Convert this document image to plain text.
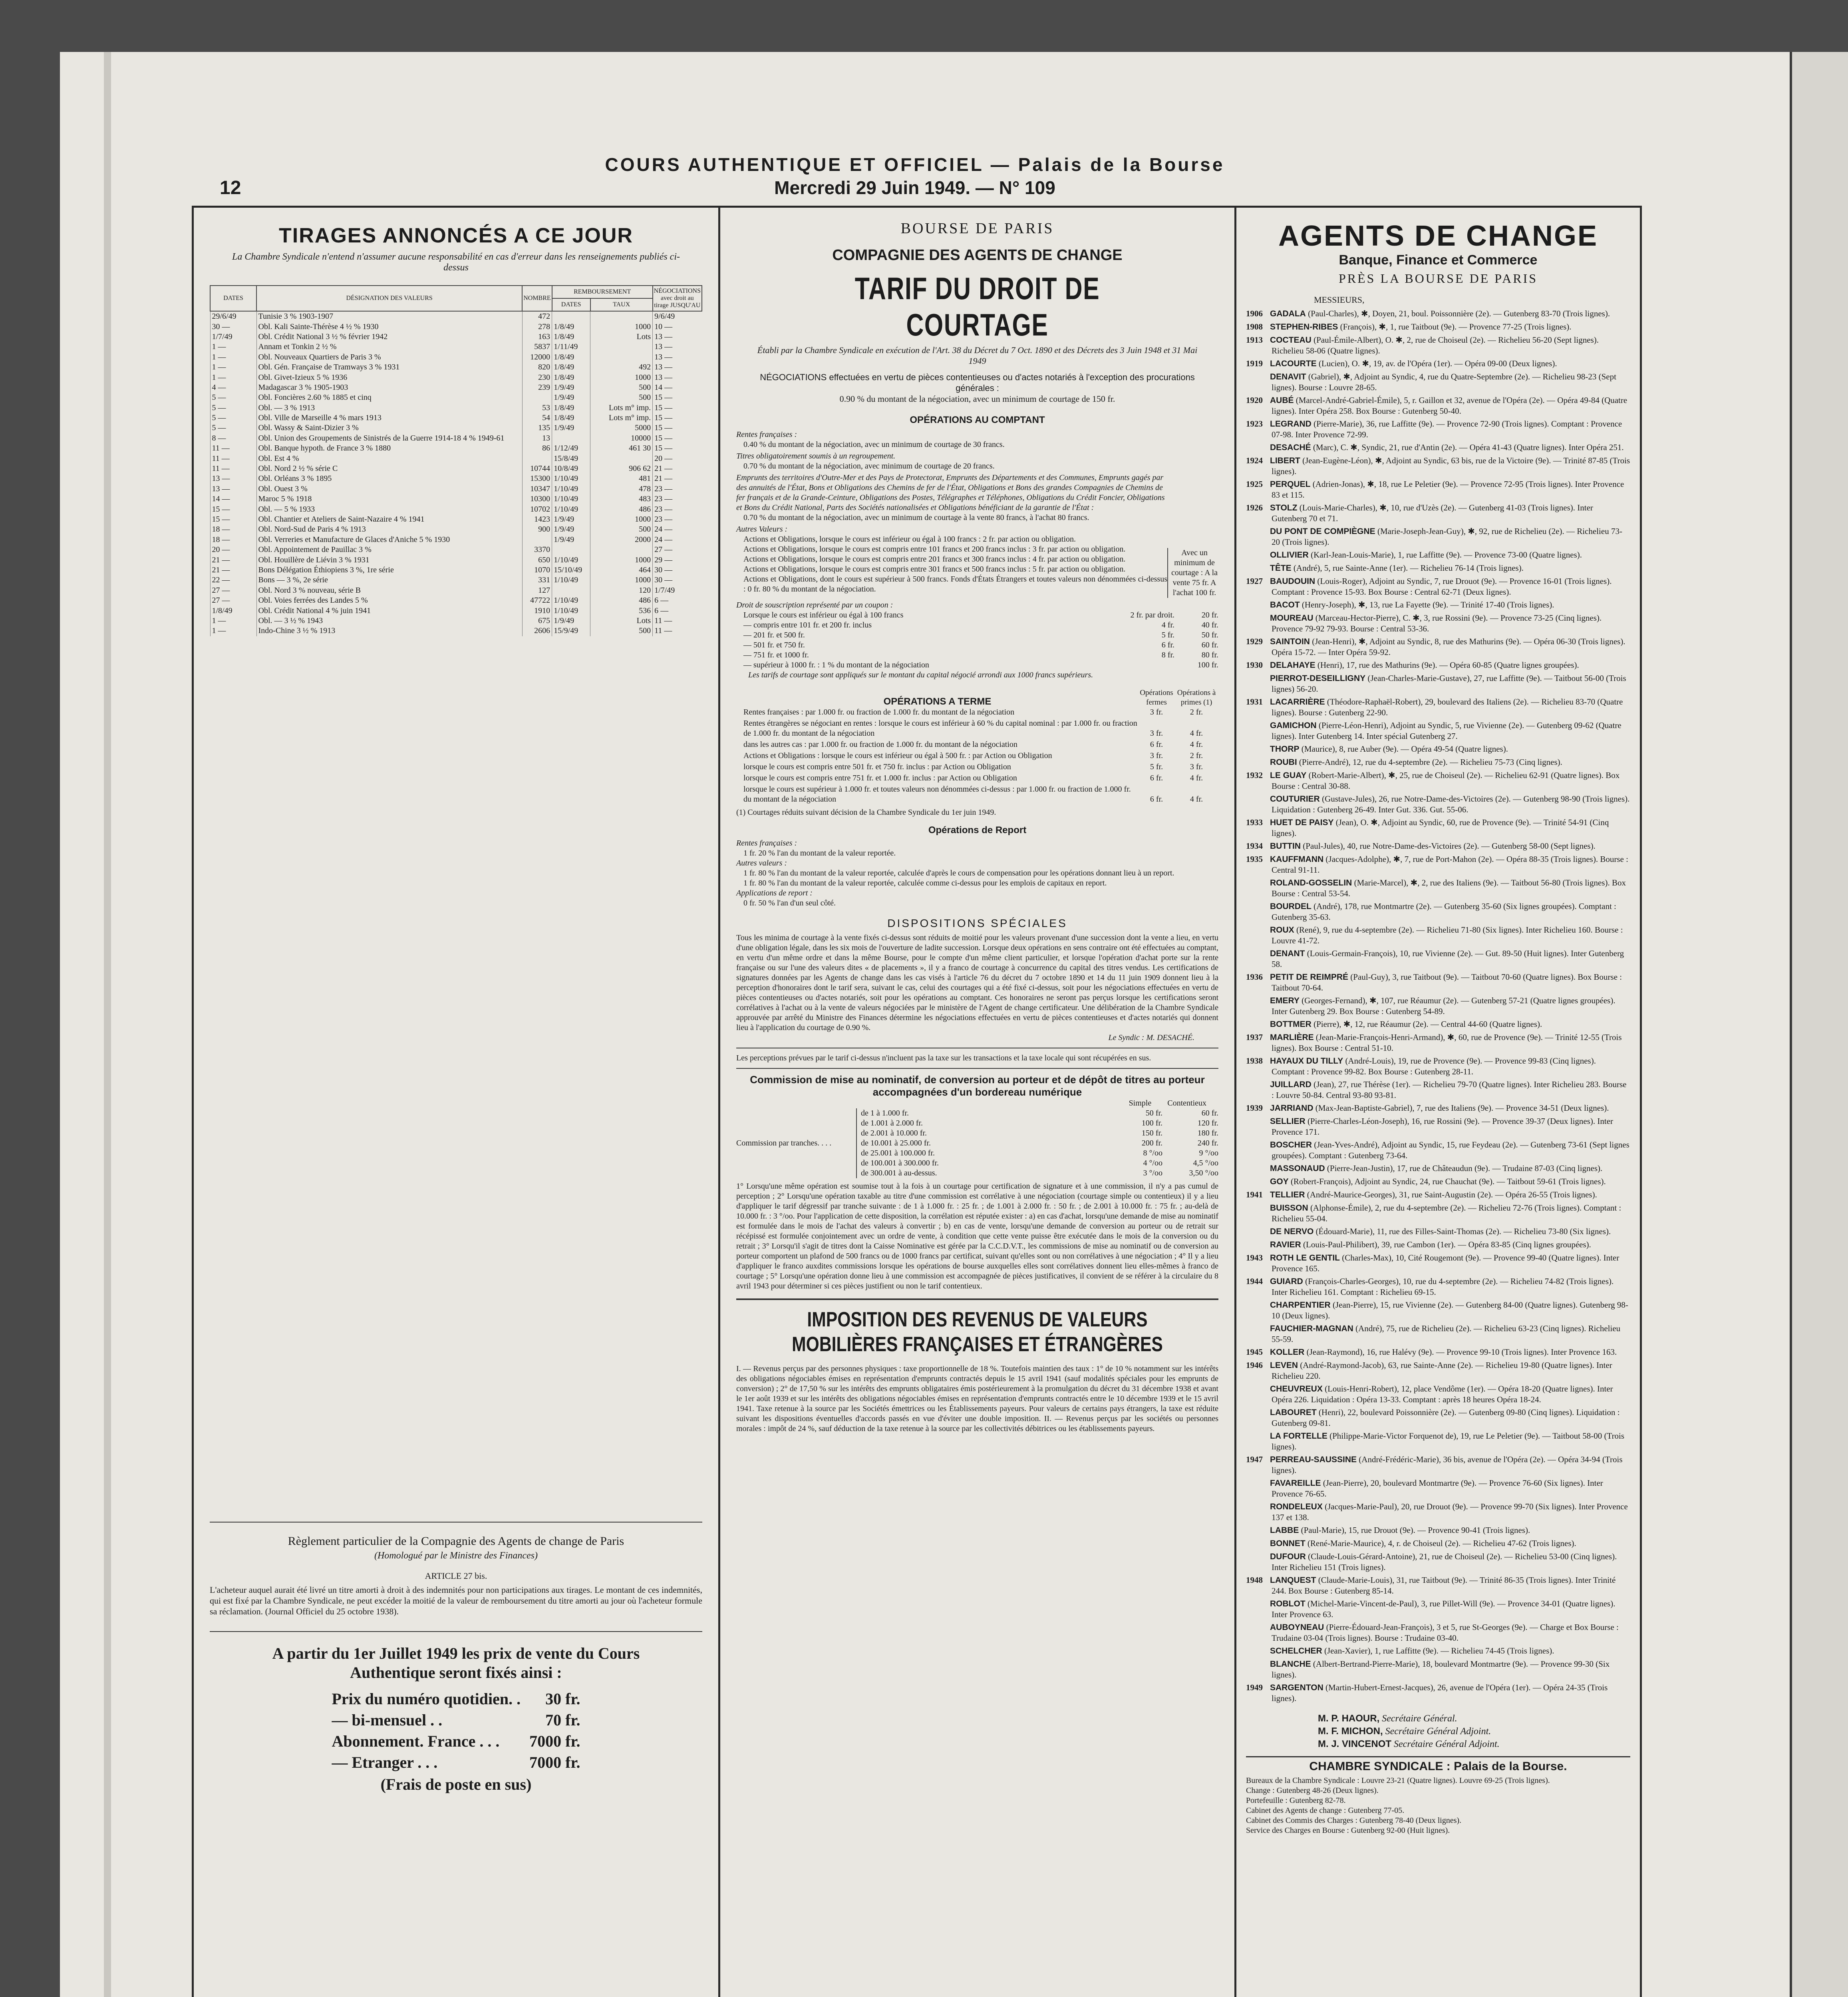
12
COURS AUTHENTIQUE ET OFFICIEL — Palais de la Bourse
Mercredi 29 Juin 1949. — N° 109
TIRAGES ANNONCÉS A CE JOUR
La Chambre Syndicale n'entend n'assumer aucune responsabilité en cas d'erreur dans les renseignements publiés ci-dessus
DATES	DÉSIGNATION DES VALEURS	NOMBRE	REMBOURSEMENT		NÉGOCIATIONS avec droit au tirage JUSQU'AU
			DATES	TAUX	
29/6/49	Tunisie 3 % 1903-1907	472			9/6/49
30 —	Obl. Kali Sainte-Thérèse 4 ½ % 1930	278	1/8/49	1000	10 —
1/7/49	Obl. Crédit National 3 ½ % février 1942	163	1/8/49	Lots	13 —
1 —	Annam et Tonkin 2 ½ %	5837	1/11/49		13 —
1 —	Obl. Nouveaux Quartiers de Paris 3 %	12000	1/8/49		13 —
1 —	Obl. Gén. Française de Tramways 3 % 1931	820	1/8/49	492	13 —
1 —	Obl. Givet-Izieux 5 % 1936	230	1/8/49	1000	13 —
4 —	Madagascar 3 % 1905-1903	239	1/9/49	500	14 —
5 —	Obl. Foncières 2.60 % 1885 et cinq		1/9/49	500	15 —
5 —	Obl. — 3 % 1913	53	1/8/49	Lots m° imp.	15 —
5 —	Obl. Ville de Marseille 4 % mars 1913	54	1/8/49	Lots m° imp.	15 —
5 —	Obl. Wassy & Saint-Dizier 3 %	135	1/9/49	5000	15 —
8 —	Obl. Union des Groupements de Sinistrés de la Guerre 1914-18 4 % 1949-61	13		10000	15 —
11 —	Obl. Banque hypoth. de France 3 % 1880	86	1/12/49	461 30	15 —
11 —	Obl. Est 4 %		15/8/49		20 —
11 —	Obl. Nord 2 ½ % série C	10744	10/8/49	906 62	21 —
13 —	Obl. Orléans 3 % 1895	15300	1/10/49	481	21 —
13 —	Obl. Ouest 3 %	10347	1/10/49	478	23 —
14 —	Maroc 5 % 1918	10300	1/10/49	483	23 —
15 —	Obl. — 5 % 1933	10702	1/10/49	486	23 —
15 —	Obl. Chantier et Ateliers de Saint-Nazaire 4 % 1941	1423	1/9/49	1000	23 —
18 —	Obl. Nord-Sud de Paris 4 % 1913	900	1/9/49	500	24 —
18 —	Obl. Verreries et Manufacture de Glaces d'Aniche 5 % 1930		1/9/49	2000	24 —
20 —	Obl. Appointement de Pauillac 3 %	3370			27 —
21 —	Obl. Houillère de Liévin 3 % 1931	650	1/10/49	1000	29 —
21 —	Bons Délégation Éthiopiens 3 %, 1re série	1070	15/10/49	464	30 —
22 —	Bons — 3 %, 2e série	331	1/10/49	1000	30 —
27 —	Obl. Nord 3 % nouveau, série B	127		120	1/7/49
27 —	Obl. Voies ferrées des Landes 5 %	47722	1/10/49	486	6 —
1/8/49	Obl. Crédit National 4 % juin 1941	1910	1/10/49	536	6 —
1 —	Obl. — 3 ½ % 1943	675	1/9/49	Lots	11 —
1 —	Indo-Chine 3 ½ % 1913	2606	15/9/49	500	11 —
Règlement particulier de la Compagnie des Agents de change de Paris
(Homologué par le Ministre des Finances)
ARTICLE 27 bis.
L'acheteur auquel aurait été livré un titre amorti à droit à des indemnités pour non participations aux tirages. Le montant de ces indemnités, qui est fixé par la Chambre Syndicale, ne peut excéder la moitié de la valeur de remboursement du titre amorti au jour où l'acheteur formule sa réclamation. (Journal Officiel du 25 octobre 1938).
A partir du 1er Juillet 1949 les prix de vente du Cours Authentique seront fixés ainsi :
Prix du numéro quotidien. .	30 fr.
— bi-mensuel . .	70 fr.
Abonnement. France . . .	7000 fr.
— Etranger . . .	7000 fr.
(Frais de poste en sus)
BOURSE DE PARIS
COMPAGNIE DES AGENTS DE CHANGE
TARIF DU DROIT DE COURTAGE
Établi par la Chambre Syndicale en exécution de l'Art. 38 du Décret du 7 Oct. 1890 et des Décrets des 3 Juin 1948 et 31 Mai 1949
NÉGOCIATIONS effectuées en vertu de pièces contentieuses ou d'actes notariés à l'exception des procurations générales :
0.90 % du montant de la négociation, avec un minimum de courtage de 150 fr.
OPÉRATIONS AU COMPTANT
Rentes françaises :
0.40 % du montant de la négociation, avec un minimum de courtage de 30 francs.
Titres obligatoirement soumis à un regroupement.
0.70 % du montant de la négociation, avec minimum de courtage de 20 francs.
Emprunts des territoires d'Outre-Mer et des Pays de Protectorat, Emprunts des Départements et des Communes, Emprunts gagés par des annuités de l'État, Bons et Obligations des Chemins de fer de l'État, Obligations et Bons des grandes Compagnies de Chemins de fer français et de la Grande-Ceinture, Obligations des Postes, Télégraphes et Téléphones, Obligations du Crédit Foncier, Obligations et Bons du Crédit National, Parts des Sociétés nationalisées et Obligations bénéficiant de la garantie de l'État :
0.70 % du montant de la négociation, avec un minimum de courtage à la vente 80 francs, à l'achat 80 francs.
Autres Valeurs :
Actions et Obligations, lorsque le cours est inférieur ou égal à 100 francs : 2 fr. par action ou obligation.
Actions et Obligations, lorsque le cours est compris entre 101 francs et 200 francs inclus : 3 fr. par action ou obligation.
Actions et Obligations, lorsque le cours est compris entre 201 francs et 300 francs inclus : 4 fr. par action ou obligation.
Actions et Obligations, lorsque le cours est compris entre 301 francs et 500 francs inclus : 5 fr. par action ou obligation.
Actions et Obligations, dont le cours est supérieur à 500 francs. Fonds d'États Étrangers et toutes valeurs non dénommées ci-dessus : 0 fr. 80 % du montant de la négociation.
Avec un minimum de courtage : A la vente 75 fr. A l'achat 100 fr.
Droit de souscription représenté par un coupon :
Lorsque le cours est inférieur ou égal à 100 francs	2 fr. par droit.	20 fr.
— compris entre 101 fr. et 200 fr. inclus	4 fr.	40 fr.
— 201 fr. et 500 fr.	5 fr.	50 fr.
— 501 fr. et 750 fr.	6 fr.	60 fr.
— 751 fr. et 1000 fr.	8 fr.	80 fr.
— supérieur à 1000 fr. : 1 % du montant de la négociation	100 fr.
Les tarifs de courtage sont appliqués sur le montant du capital négocié arrondi aux 1000 francs supérieurs.
OPÉRATIONS A TERME
Opérations fermes
Opérations à primes (1)
Rentes françaises : par 1.000 fr. ou fraction de 1.000 fr. du montant de la négociation	3 fr.	2 fr.
Rentes étrangères se négociant en rentes : lorsque le cours est inférieur à 60 % du capital nominal : par 1.000 fr. ou fraction de 1.000 fr. du montant de la négociation	3 fr.	4 fr.
dans les autres cas : par 1.000 fr. ou fraction de 1.000 fr. du montant de la négociation	6 fr.	4 fr.
Actions et Obligations : lorsque le cours est inférieur ou égal à 500 fr. : par Action ou Obligation	3 fr.	2 fr.
lorsque le cours est compris entre 501 fr. et 750 fr. inclus : par Action ou Obligation	5 fr.	3 fr.
lorsque le cours est compris entre 751 fr. et 1.000 fr. inclus : par Action ou Obligation	6 fr.	4 fr.
lorsque le cours est supérieur à 1.000 fr. et toutes valeurs non dénommées ci-dessus : par 1.000 fr. ou fraction de 1.000 fr. du montant de la négociation	6 fr.	4 fr.
(1) Courtages réduits suivant décision de la Chambre Syndicale du 1er juin 1949.
Opérations de Report
Rentes françaises :
1 fr. 20 % l'an du montant de la valeur reportée.
Autres valeurs :
1 fr. 80 % l'an du montant de la valeur reportée, calculée d'après le cours de compensation pour les opérations donnant lieu à un report.
1 fr. 80 % l'an du montant de la valeur reportée, calculée comme ci-dessus pour les emplois de capitaux en report.
Applications de report :
0 fr. 50 % l'an d'un seul côté.
DISPOSITIONS SPÉCIALES
Tous les minima de courtage à la vente fixés ci-dessus sont réduits de moitié pour les valeurs provenant d'une succession dont la vente a lieu, en vertu d'une obligation légale, dans les six mois de l'ouverture de ladite succession. Lorsque deux opérations en sens contraire ont été effectuées au comptant, en vertu d'un même ordre et dans la même Bourse, pour le compte d'un même client particulier, et lorsque l'opération d'achat porte sur la rente française ou sur l'une des valeurs dites « de placements », il y a franco de courtage à concurrence du capital des titres vendus. Les certifications de signatures données par les Agents de change dans les cas visés à l'article 76 du décret du 7 octobre 1890 et 14 du 11 juin 1909 donnent lieu à la perception d'honoraires dont le tarif sera, suivant le cas, celui des courtages qui a été fixé ci-dessus, soit pour les négociations effectuées en vertu de pièces contentieuses ou d'actes notariés, soit pour les opérations au comptant. Ces honoraires ne seront pas perçus lorsque les certifications seront corrélatives à l'achat ou à la vente de valeurs négociées par le ministère de l'Agent de change certificateur. Une délibération de la Chambre Syndicale approuvée par arrêté du Ministre des Finances détermine les négociations effectuées en vertu de pièces contentieuses et d'actes notariés qui donnent lieu à l'application du courtage de 0.90 %.
Le Syndic : M. DESACHÉ.
Les perceptions prévues par le tarif ci-dessus n'incluent pas la taxe sur les transactions et la taxe locale qui sont récupérées en sus.
Commission de mise au nominatif, de conversion au porteur et de dépôt de titres au porteur accompagnées d'un bordereau numérique
Simple Contentieux
Commission par tranches. . . .
de 1 à 1.000 fr.	50 fr.	60 fr.
de 1.001 à 2.000 fr.	100 fr.	120 fr.
de 2.001 à 10.000 fr.	150 fr.	180 fr.
de 10.001 à 25.000 fr.	200 fr.	240 fr.
de 25.001 à 100.000 fr.	8 °/oo	9 °/oo
de 100.001 à 300.000 fr.	4 °/oo	4,5 °/oo
de 300.001 à au-dessus.	3 °/oo	3,50 °/oo
1° Lorsqu'une même opération est soumise tout à la fois à un courtage pour certification de signature et à une commission, il n'y a pas cumul de perception ; 2° Lorsqu'une opération taxable au titre d'une commission est corrélative à une négociation (courtage simple ou contentieux) il y a lieu d'appliquer le tarif dégressif par tranche suivante : de 1 à 1.000 fr. : 25 fr. ; de 1.001 à 2.000 fr. : 50 fr. ; de 2.001 à 10.000 fr. : 75 fr. ; au-delà de 10.000 fr. : 3 °/oo. Pour l'application de cette disposition, la corrélation est réputée exister : a) en cas d'achat, lorsqu'une demande de mise au nominatif est formulée dans le mois de l'achat des valeurs à convertir ; b) en cas de vente, lorsqu'une demande de conversion au porteur ou de retrait sur récépissé est formulée conjointement avec un ordre de vente, à condition que cette vente puisse être exécutée dans le mois de la conversion ou du retrait ; 3° Lorsqu'il s'agit de titres dont la Caisse Nominative est gérée par la C.C.D.V.T., les commissions de mise au nominatif ou de conversion au porteur comportent un plafond de 500 francs ou de 1000 francs par certificat, suivant qu'elles sont ou non corrélatives à une négociation ; 4° Il y a lieu d'appliquer le franco auxdites commissions lorsque les opérations de bourse auxquelles elles sont corrélatives donnent lieu elles-mêmes à franco de courtage ; 5° Lorsqu'une opération donne lieu à une commission est accompagnée de pièces justificatives, il convient de se référer à la circulaire du 8 avril 1943 pour déterminer si ces pièces justifient ou non le tarif contentieux.
IMPOSITION DES REVENUS DE VALEURS MOBILIÈRES FRANÇAISES ET ÉTRANGÈRES
I. — Revenus perçus par des personnes physiques : taxe proportionnelle de 18 %. Toutefois maintien des taux : 1° de 10 % notamment sur les intérêts des obligations négociables émises en représentation d'emprunts contractés depuis le 15 avril 1941 (sauf modalités spéciales pour les emprunts de conversion) ; 2° de 17,50 % sur les intérêts des emprunts obligataires émis postérieurement à la promulgation du décret du 31 décembre 1938 et avant le 1er août 1939 et sur les intérêts des obligations négociables émises en représentation d'emprunts contractés entre le 10 décembre 1939 et le 15 avril 1941. Taxe retenue à la source par les Sociétés émettrices ou les Établissements payeurs. Pour valeurs de certains pays étrangers, la taxe est réduite suivant les dispositions éventuelles d'accords passés en vue d'éviter une double imposition. II. — Revenus perçus par les sociétés ou personnes morales : impôt de 24 %, sauf déduction de la taxe retenue à la source par les collectivités débitrices ou les établissements payeurs.
AGENTS DE CHANGE
Banque, Finance et Commerce
PRÈS LA BOURSE DE PARIS
MESSIEURS,
1906 GADALA (Paul-Charles), ✱, Doyen, 21, boul. Poissonnière (2e). — Gutenberg 83-70 (Trois lignes).
1908 STEPHEN-RIBES (François), ✱, 1, rue Taitbout (9e). — Provence 77-25 (Trois lignes).
1913 COCTEAU (Paul-Émile-Albert), O. ✱, 2, rue de Choiseul (2e). — Richelieu 56-20 (Sept lignes). Richelieu 58-06 (Quatre lignes).
1919 LACOURTE (Lucien), O. ✱, 19, av. de l'Opéra (1er). — Opéra 09-00 (Deux lignes).
DENAVIT (Gabriel), ✱, Adjoint au Syndic, 4, rue du Quatre-Septembre (2e). — Richelieu 98-23 (Sept lignes). Bourse : Louvre 28-65.
1920 AUBÉ (Marcel-André-Gabriel-Émile), 5, r. Gaillon et 32, avenue de l'Opéra (2e). — Opéra 49-84 (Quatre lignes). Inter Opéra 258. Box Bourse : Gutenberg 50-40.
1923 LEGRAND (Pierre-Marie), 36, rue Laffitte (9e). — Provence 72-90 (Trois lignes). Comptant : Provence 07-98. Inter Provence 72-99.
DESACHÉ (Marc), C. ✱, Syndic, 21, rue d'Antin (2e). — Opéra 41-43 (Quatre lignes). Inter Opéra 251.
1924 LIBERT (Jean-Eugène-Léon), ✱, Adjoint au Syndic, 63 bis, rue de la Victoire (9e). — Trinité 87-85 (Trois lignes).
1925 PERQUEL (Adrien-Jonas), ✱, 18, rue Le Peletier (9e). — Provence 72-95 (Trois lignes). Inter Provence 83 et 115.
1926 STOLZ (Louis-Marie-Charles), ✱, 10, rue d'Uzès (2e). — Gutenberg 41-03 (Trois lignes). Inter Gutenberg 70 et 71.
DU PONT DE COMPIÈGNE (Marie-Joseph-Jean-Guy), ✱, 92, rue de Richelieu (2e). — Richelieu 73-20 (Trois lignes).
OLLIVIER (Karl-Jean-Louis-Marie), 1, rue Laffitte (9e). — Provence 73-00 (Quatre lignes).
TÊTE (André), 5, rue Sainte-Anne (1er). — Richelieu 76-14 (Trois lignes).
1927 BAUDOUIN (Louis-Roger), Adjoint au Syndic, 7, rue Drouot (9e). — Provence 16-01 (Trois lignes). Comptant : Provence 15-93. Box Bourse : Central 62-71 (Deux lignes).
BACOT (Henry-Joseph), ✱, 13, rue La Fayette (9e). — Trinité 17-40 (Trois lignes).
MOUREAU (Marceau-Hector-Pierre), C. ✱, 3, rue Rossini (9e). — Provence 73-25 (Cinq lignes). Provence 79-92 79-93. Bourse : Central 53-36.
1929 SAINTOIN (Jean-Henri), ✱, Adjoint au Syndic, 8, rue des Mathurins (9e). — Opéra 06-30 (Trois lignes). Opéra 15-72. — Inter Opéra 59-92.
1930 DELAHAYE (Henri), 17, rue des Mathurins (9e). — Opéra 60-85 (Quatre lignes groupées).
PIERROT-DESEILLIGNY (Jean-Charles-Marie-Gustave), 27, rue Laffitte (9e). — Taitbout 56-00 (Trois lignes) 56-20.
1931 LACARRIÈRE (Théodore-Raphaël-Robert), 29, boulevard des Italiens (2e). — Richelieu 83-70 (Quatre lignes). Bourse : Gutenberg 22-90.
GAMICHON (Pierre-Léon-Henri), Adjoint au Syndic, 5, rue Vivienne (2e). — Gutenberg 09-62 (Quatre lignes). Inter Gutenberg 14. Inter spécial Gutenberg 27.
THORP (Maurice), 8, rue Auber (9e). — Opéra 49-54 (Quatre lignes).
ROUBI (Pierre-André), 12, rue du 4-septembre (2e). — Richelieu 75-73 (Cinq lignes).
1932 LE GUAY (Robert-Marie-Albert), ✱, 25, rue de Choiseul (2e). — Richelieu 62-91 (Quatre lignes). Box Bourse : Central 30-88.
COUTURIER (Gustave-Jules), 26, rue Notre-Dame-des-Victoires (2e). — Gutenberg 98-90 (Trois lignes). Liquidation : Gutenberg 26-49. Inter Gut. 336. Gut. 55-06.
1933 HUET DE PAISY (Jean), O. ✱, Adjoint au Syndic, 60, rue de Provence (9e). — Trinité 54-91 (Cinq lignes).
1934 BUTTIN (Paul-Jules), 40, rue Notre-Dame-des-Victoires (2e). — Gutenberg 58-00 (Sept lignes).
1935 KAUFFMANN (Jacques-Adolphe), ✱, 7, rue de Port-Mahon (2e). — Opéra 88-35 (Trois lignes). Bourse : Central 91-11.
ROLAND-GOSSELIN (Marie-Marcel), ✱, 2, rue des Italiens (9e). — Taitbout 56-80 (Trois lignes). Box Bourse : Central 53-54.
BOURDEL (André), 178, rue Montmartre (2e). — Gutenberg 35-60 (Six lignes groupées). Comptant : Gutenberg 35-63.
ROUX (René), 9, rue du 4-septembre (2e). — Richelieu 71-80 (Six lignes). Inter Richelieu 160. Bourse : Louvre 41-72.
DENANT (Louis-Germain-François), 10, rue Vivienne (2e). — Gut. 89-50 (Huit lignes). Inter Gutenberg 58.
1936 PETIT DE REIMPRÉ (Paul-Guy), 3, rue Taitbout (9e). — Taitbout 70-60 (Quatre lignes). Box Bourse : Taitbout 70-64.
EMERY (Georges-Fernand), ✱, 107, rue Réaumur (2e). — Gutenberg 57-21 (Quatre lignes groupées). Inter Gutenberg 29. Box Bourse : Gutenberg 54-89.
BOTTMER (Pierre), ✱, 12, rue Réaumur (2e). — Central 44-60 (Quatre lignes).
1937 MARLIÈRE (Jean-Marie-François-Henri-Armand), ✱, 60, rue de Provence (9e). — Trinité 12-55 (Trois lignes). Box Bourse : Central 51-10.
1938 HAYAUX DU TILLY (André-Louis), 19, rue de Provence (9e). — Provence 99-83 (Cinq lignes). Comptant : Provence 99-82. Box Bourse : Gutenberg 28-11.
JUILLARD (Jean), 27, rue Thérèse (1er). — Richelieu 79-70 (Quatre lignes). Inter Richelieu 283. Bourse : Louvre 50-84. Central 93-80 93-81.
1939 JARRIAND (Max-Jean-Baptiste-Gabriel), 7, rue des Italiens (9e). — Provence 34-51 (Deux lignes).
SELLIER (Pierre-Charles-Léon-Joseph), 16, rue Rossini (9e). — Provence 39-37 (Deux lignes). Inter Provence 171.
BOSCHER (Jean-Yves-André), Adjoint au Syndic, 15, rue Feydeau (2e). — Gutenberg 73-61 (Sept lignes groupées). Comptant : Gutenberg 73-64.
MASSONAUD (Pierre-Jean-Justin), 17, rue de Châteaudun (9e). — Trudaine 87-03 (Cinq lignes).
GOY (Robert-François), Adjoint au Syndic, 24, rue Chauchat (9e). — Taitbout 59-61 (Trois lignes).
1941 TELLIER (André-Maurice-Georges), 31, rue Saint-Augustin (2e). — Opéra 26-55 (Trois lignes).
BUISSON (Alphonse-Émile), 2, rue du 4-septembre (2e). — Richelieu 72-76 (Trois lignes). Comptant : Richelieu 55-04.
DE NERVO (Édouard-Marie), 11, rue des Filles-Saint-Thomas (2e). — Richelieu 73-80 (Six lignes).
RAVIER (Louis-Paul-Philibert), 39, rue Cambon (1er). — Opéra 83-85 (Cinq lignes groupées).
1943 ROTH LE GENTIL (Charles-Max), 10, Cité Rougemont (9e). — Provence 99-40 (Quatre lignes). Inter Provence 165.
1944 GUIARD (François-Charles-Georges), 10, rue du 4-septembre (2e). — Richelieu 74-82 (Trois lignes). Inter Richelieu 161. Comptant : Richelieu 69-15.
CHARPENTIER (Jean-Pierre), 15, rue Vivienne (2e). — Gutenberg 84-00 (Quatre lignes). Gutenberg 98-10 (Deux lignes).
FAUCHIER-MAGNAN (André), 75, rue de Richelieu (2e). — Richelieu 63-23 (Cinq lignes). Richelieu 55-59.
1945 KOLLER (Jean-Raymond), 16, rue Halévy (9e). — Provence 99-10 (Trois lignes). Inter Provence 163.
1946 LEVEN (André-Raymond-Jacob), 63, rue Sainte-Anne (2e). — Richelieu 19-80 (Quatre lignes). Inter Richelieu 220.
CHEUVREUX (Louis-Henri-Robert), 12, place Vendôme (1er). — Opéra 18-20 (Quatre lignes). Inter Opéra 226. Liquidation : Opéra 13-33. Comptant : après 18 heures Opéra 18-24.
LABOURET (Henri), 22, boulevard Poissonnière (2e). — Gutenberg 09-80 (Cinq lignes). Liquidation : Gutenberg 09-81.
LA FORTELLE (Philippe-Marie-Victor Forquenot de), 19, rue Le Peletier (9e). — Taitbout 58-00 (Trois lignes).
1947 PERREAU-SAUSSINE (André-Frédéric-Marie), 36 bis, avenue de l'Opéra (2e). — Opéra 34-94 (Trois lignes).
FAVAREILLE (Jean-Pierre), 20, boulevard Montmartre (9e). — Provence 76-60 (Six lignes). Inter Provence 76-65.
RONDELEUX (Jacques-Marie-Paul), 20, rue Drouot (9e). — Provence 99-70 (Six lignes). Inter Provence 137 et 138.
LABBE (Paul-Marie), 15, rue Drouot (9e). — Provence 90-41 (Trois lignes).
BONNET (René-Marie-Maurice), 4, r. de Choiseul (2e). — Richelieu 47-62 (Trois lignes).
DUFOUR (Claude-Louis-Gérard-Antoine), 21, rue de Choiseul (2e). — Richelieu 53-00 (Cinq lignes). Inter Richelieu 151 (Trois lignes).
1948 LANQUEST (Claude-Marie-Louis), 31, rue Taitbout (9e). — Trinité 86-35 (Trois lignes). Inter Trinité 244. Box Bourse : Gutenberg 85-14.
ROBLOT (Michel-Marie-Vincent-de-Paul), 3, rue Pillet-Will (9e). — Provence 34-01 (Quatre lignes). Inter Provence 63.
AUBOYNEAU (Pierre-Édouard-Jean-François), 3 et 5, rue St-Georges (9e). — Charge et Box Bourse : Trudaine 03-04 (Trois lignes). Bourse : Trudaine 03-40.
SCHELCHER (Jean-Xavier), 1, rue Laffitte (9e). — Richelieu 74-45 (Trois lignes).
BLANCHE (Albert-Bertrand-Pierre-Marie), 18, boulevard Montmartre (9e). — Provence 99-30 (Six lignes).
1949 SARGENTON (Martin-Hubert-Ernest-Jacques), 26, avenue de l'Opéra (1er). — Opéra 24-35 (Trois lignes).
M. P. HAOUR, Secrétaire Général.
M. F. MICHON, Secrétaire Général Adjoint.
M. J. VINCENOT Secrétaire Général Adjoint.
CHAMBRE SYNDICALE : Palais de la Bourse.
Bureaux de la Chambre Syndicale : Louvre 23-21 (Quatre lignes). Louvre 69-25 (Trois lignes).
Change : Gutenberg 48-26 (Deux lignes).
Portefeuille : Gutenberg 82-78.
Cabinet des Agents de change : Gutenberg 77-05.
Cabinet des Commis des Charges : Gutenberg 78-40 (Deux lignes).
Service des Charges en Bourse : Gutenberg 92-00 (Huit lignes).
